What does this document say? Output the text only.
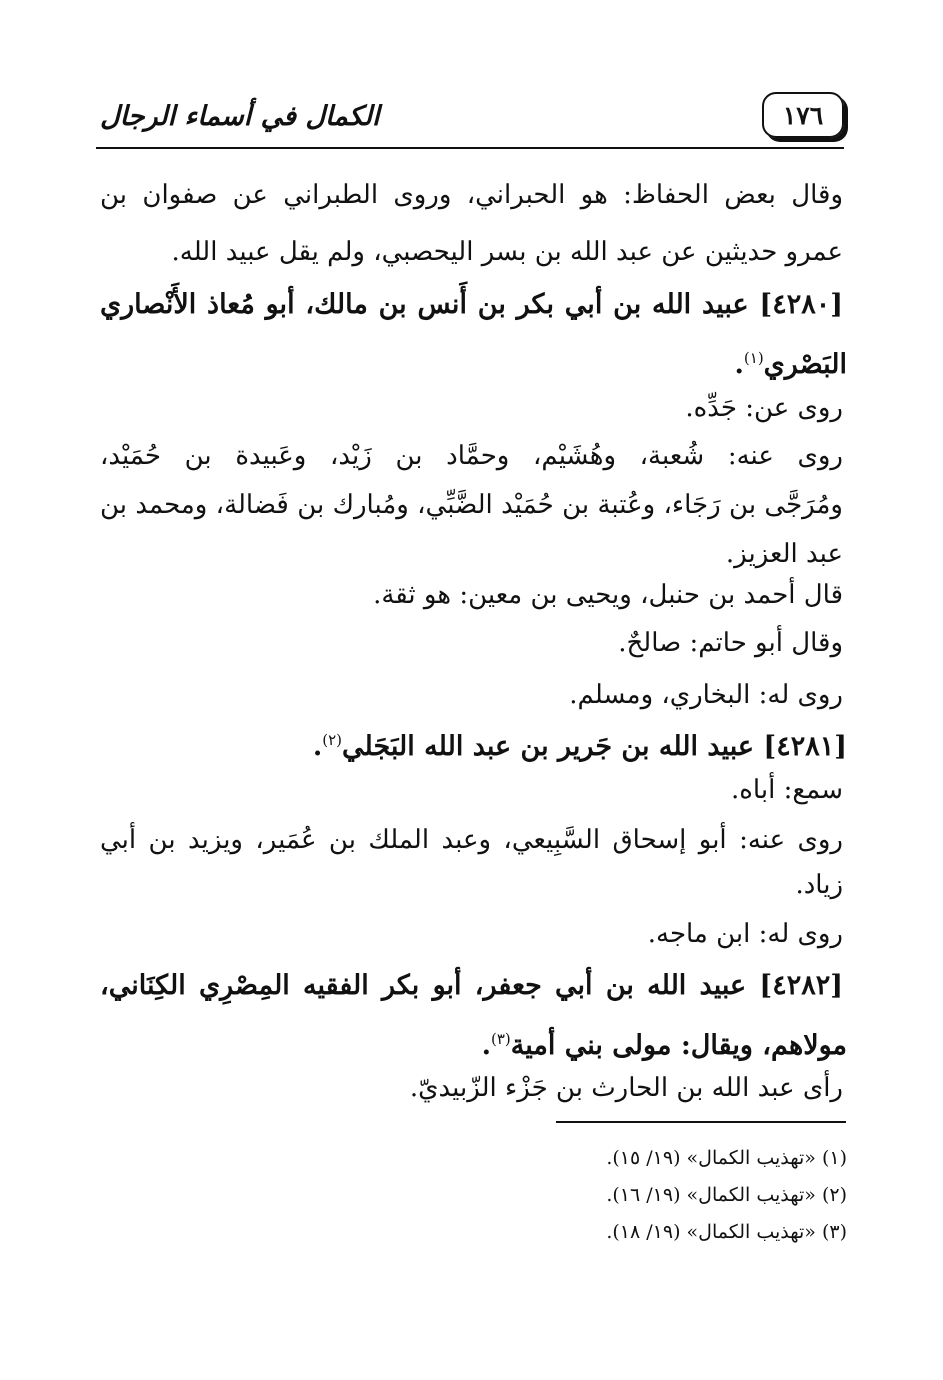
١٧٦
الكمال في أسماء الرجال
وقال بعض الحفاظ: هو الحبراني، وروى الطبراني عن صفوان بن
عمرو حديثين عن عبد الله بن بسر اليحصبي، ولم يقل عبيد الله.
[٤٢٨٠] عبيد الله بن أبي بكر بن أَنس بن مالك، أبو مُعاذ الأَنْصاري
البَصْري$^{(١)}$.
روى عن: جَدِّه.
روى عنه: شُعبة، وهُشَيْم، وحمَّاد بن زَيْد، وعَبيدة بن حُمَيْد،
ومُرَجَّى بن رَجَاء، وعُتبة بن حُمَيْد الضَّبِّي، ومُبارك بن فَضالة، ومحمد بن
عبد العزيز.
قال أحمد بن حنبل، ويحيى بن معين: هو ثقة.
وقال أبو حاتم: صالحٌ.
روى له: البخاري، ومسلم.
[٤٢٨١] عبيد الله بن جَرير بن عبد الله البَجَلي$^{(٢)}$.
سمع: أباه.
روى عنه: أبو إسحاق السَّبِيعي، وعبد الملك بن عُمَير، ويزيد بن أبي
زياد.
روى له: ابن ماجه.
[٤٢٨٢] عبيد الله بن أبي جعفر، أبو بكر الفقيه المِصْرِي الكِنَاني،
مولاهم، ويقال: مولى بني أمية$^{(٣)}$.
رأى عبد الله بن الحارث بن جَزْء الزّبيديّ.
(١) «تهذيب الكمال» (١٩/ ١٥).
(٢) «تهذيب الكمال» (١٩/ ١٦).
(٣) «تهذيب الكمال» (١٩/ ١٨).
